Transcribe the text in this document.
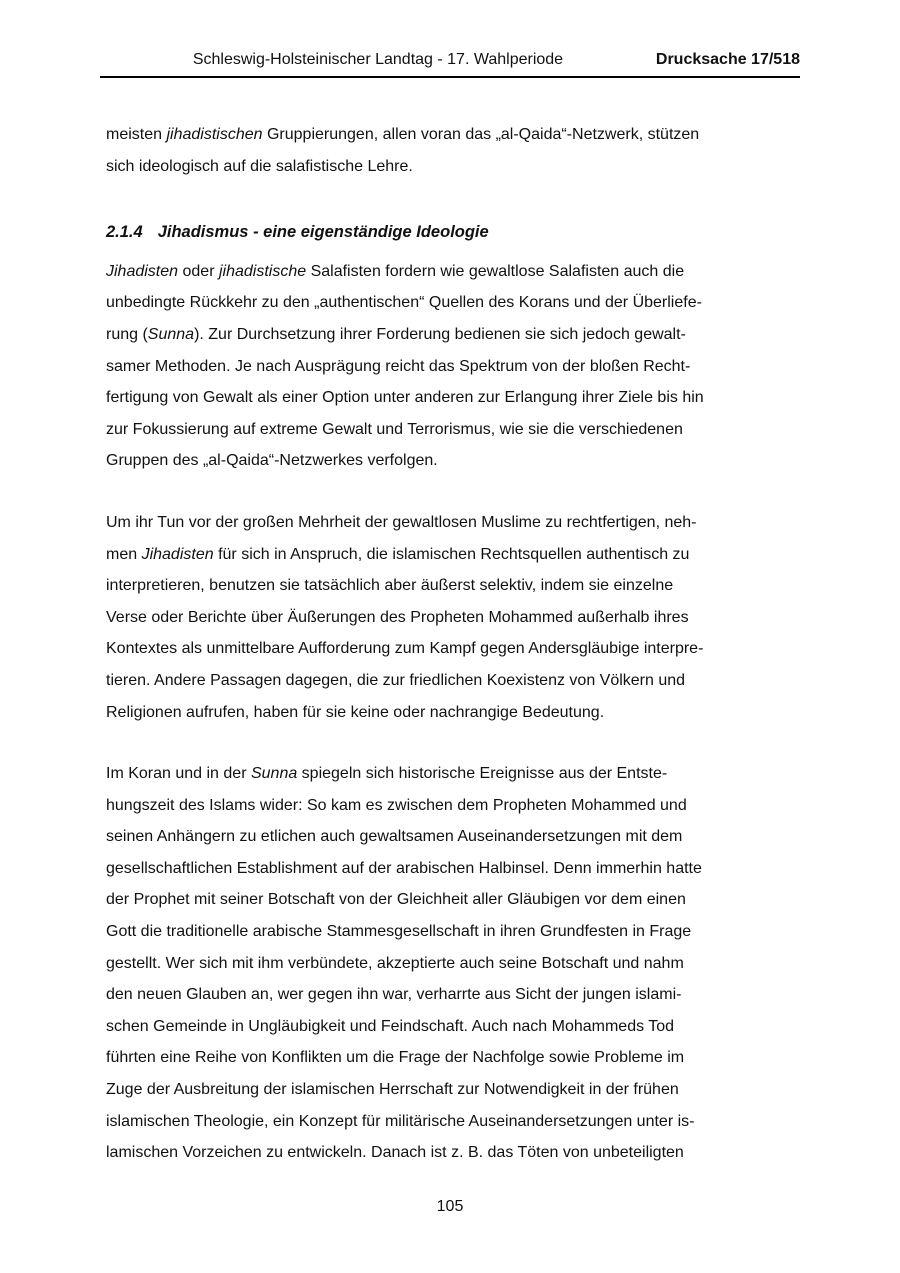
Schleswig-Holsteinischer Landtag - 17. Wahlperiode	Drucksache 17/518
meisten jihadistischen Gruppierungen, allen voran das „al-Qaida“-Netzwerk, stützen
sich ideologisch auf die salafistische Lehre.
2.1.4 Jihadismus - eine eigenständige Ideologie
Jihadisten oder jihadistische Salafisten fordern wie gewaltlose Salafisten auch die
unbedingte Rückkehr zu den „authentischen“ Quellen des Korans und der Überliefe-
rung (Sunna). Zur Durchsetzung ihrer Forderung bedienen sie sich jedoch gewalt-
samer Methoden. Je nach Ausprägung reicht das Spektrum von der bloßen Recht-
fertigung von Gewalt als einer Option unter anderen zur Erlangung ihrer Ziele bis hin
zur Fokussierung auf extreme Gewalt und Terrorismus, wie sie die verschiedenen
Gruppen des „al-Qaida“-Netzwerkes verfolgen.
Um ihr Tun vor der großen Mehrheit der gewaltlosen Muslime zu rechtfertigen, neh-
men Jihadisten für sich in Anspruch, die islamischen Rechtsquellen authentisch zu
interpretieren, benutzen sie tatsächlich aber äußerst selektiv, indem sie einzelne
Verse oder Berichte über Äußerungen des Propheten Mohammed außerhalb ihres
Kontextes als unmittelbare Aufforderung zum Kampf gegen Andersgläubige interpre-
tieren. Andere Passagen dagegen, die zur friedlichen Koexistenz von Völkern und
Religionen aufrufen, haben für sie keine oder nachrangige Bedeutung.
Im Koran und in der Sunna spiegeln sich historische Ereignisse aus der Entste-
hungszeit des Islams wider: So kam es zwischen dem Propheten Mohammed und
seinen Anhängern zu etlichen auch gewaltsamen Auseinandersetzungen mit dem
gesellschaftlichen Establishment auf der arabischen Halbinsel. Denn immerhin hatte
der Prophet mit seiner Botschaft von der Gleichheit aller Gläubigen vor dem einen
Gott die traditionelle arabische Stammesgesellschaft in ihren Grundfesten in Frage
gestellt. Wer sich mit ihm verbündete, akzeptierte auch seine Botschaft und nahm
den neuen Glauben an, wer gegen ihn war, verharrte aus Sicht der jungen islami-
schen Gemeinde in Ungläubigkeit und Feindschaft. Auch nach Mohammeds Tod
führten eine Reihe von Konflikten um die Frage der Nachfolge sowie Probleme im
Zuge der Ausbreitung der islamischen Herrschaft zur Notwendigkeit in der frühen
islamischen Theologie, ein Konzept für militärische Auseinandersetzungen unter is-
lamischen Vorzeichen zu entwickeln. Danach ist z. B. das Töten von unbeteiligten
105
